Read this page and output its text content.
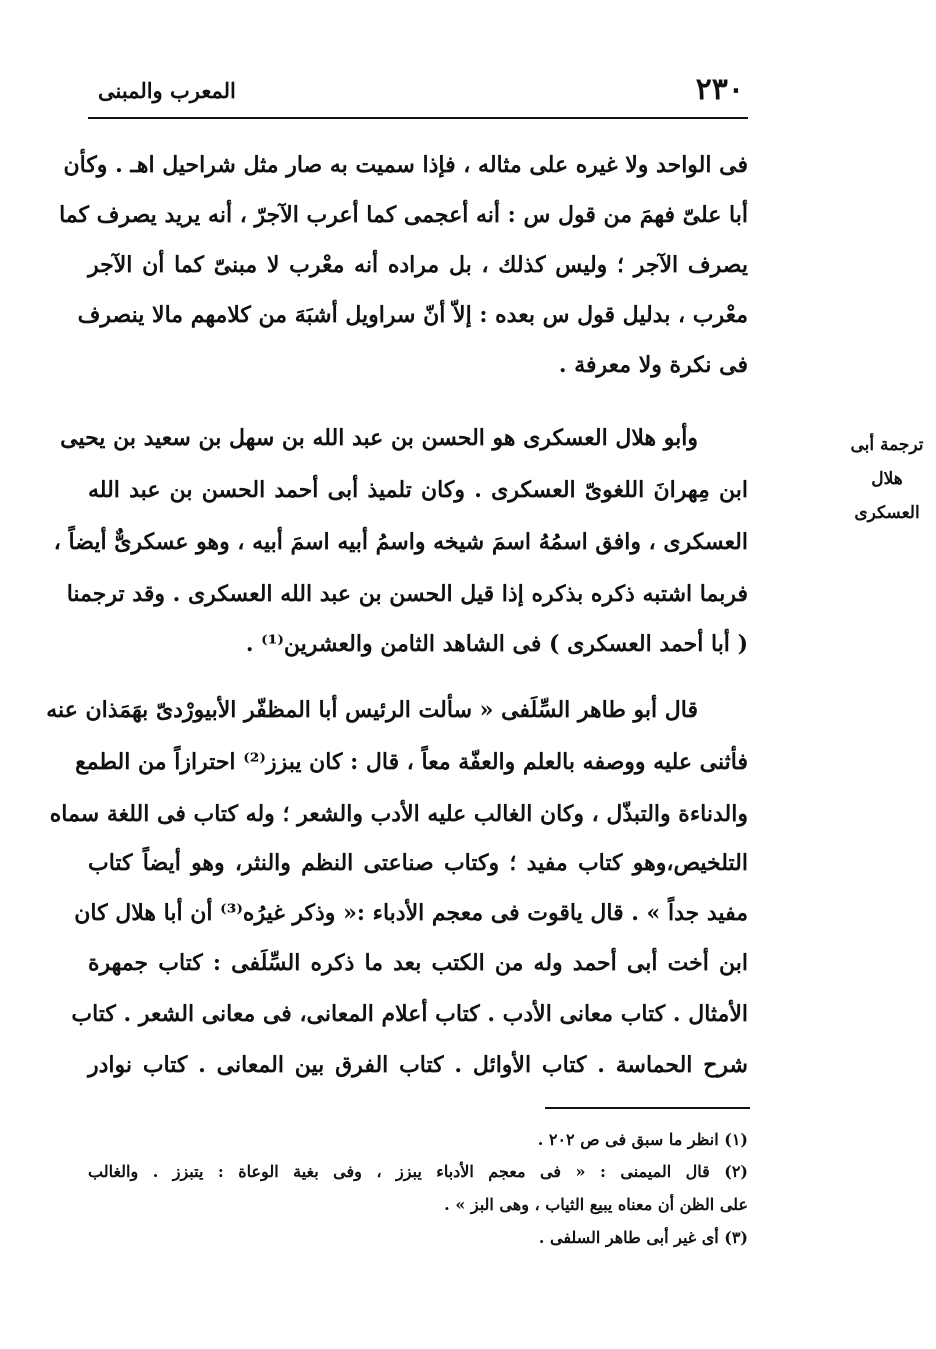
٢٣٠
المعرب والمبنى
فى الواحد ولا غيره على مثاله ، فإذا سميت به صار مثل شراحيل اهـ . وكأن
أبا علىّ فهمَ من قول س : أنه أعجمى كما أعرب الآجرّ ، أنه يريد يصرف كما
يصرف الآجر ؛ وليس كذلك ، بل مراده أنه معْرب لا مبنىّ كما أن الآجر
معْرب ، بدليل قول س بعده : إلاّ أنّ سراويل أشبَهَ من كلامهم مالا ينصرف
فى نكرة ولا معرفة .
ترجمة أبى
هلال العسكرى
وأبو هلال العسكرى هو الحسن بن عبد الله بن سهل بن سعيد بن يحيى
ابن مِهرانَ اللغوىّ العسكرى . وكان تلميذ أبى أحمد الحسن بن عبد الله
العسكرى ، وافق اسمُهُ اسمَ شيخه واسمُ أبيه اسمَ أبيه ، وهو عسكرىٌّ أيضاً ،
فربما اشتبه ذكره بذكره إذا قيل الحسن بن عبد الله العسكرى . وقد ترجمنا
( أبا أحمد العسكرى ) فى الشاهد الثامن والعشرين⁽¹⁾ .
قال أبو طاهر السِّلَفى « سألت الرئيس أبا المظفّر الأبيورْدىّ بهَمَذان عنه
فأثنى عليه ووصفه بالعلم والعفّة معاً ، قال : كان يبزز⁽²⁾ احترازاً من الطمع
والدناءة والتبذّل ، وكان الغالب عليه الأدب والشعر ؛ وله كتاب فى اللغة سماه
التلخيص،وهو كتاب مفيد ؛ وكتاب صناعتى النظم والنثر، وهو أيضاً كتاب
مفيد جداً » . قال ياقوت فى معجم الأدباء :« وذكر غيرُه⁽³⁾ أن أبا هلال كان
ابن أخت أبى أحمد وله من الكتب بعد ما ذكره السِّلَفى : كتاب جمهرة
الأمثال . كتاب معانى الأدب . كتاب أعلام المعانى، فى معانى الشعر . كتاب
شرح الحماسة . كتاب الأوائل . كتاب الفرق بين المعانى . كتاب نوادر
(١) انظر ما سبق فى ص ٢٠٢ .
(٢) قال الميمنى : « فى معجم الأدباء يبزز ، وفى بغية الوعاة : يتبزز . والغالب
على الظن أن معناه يبيع الثياب ، وهى البز » .
(٣) أى غير أبى طاهر السلفى .
